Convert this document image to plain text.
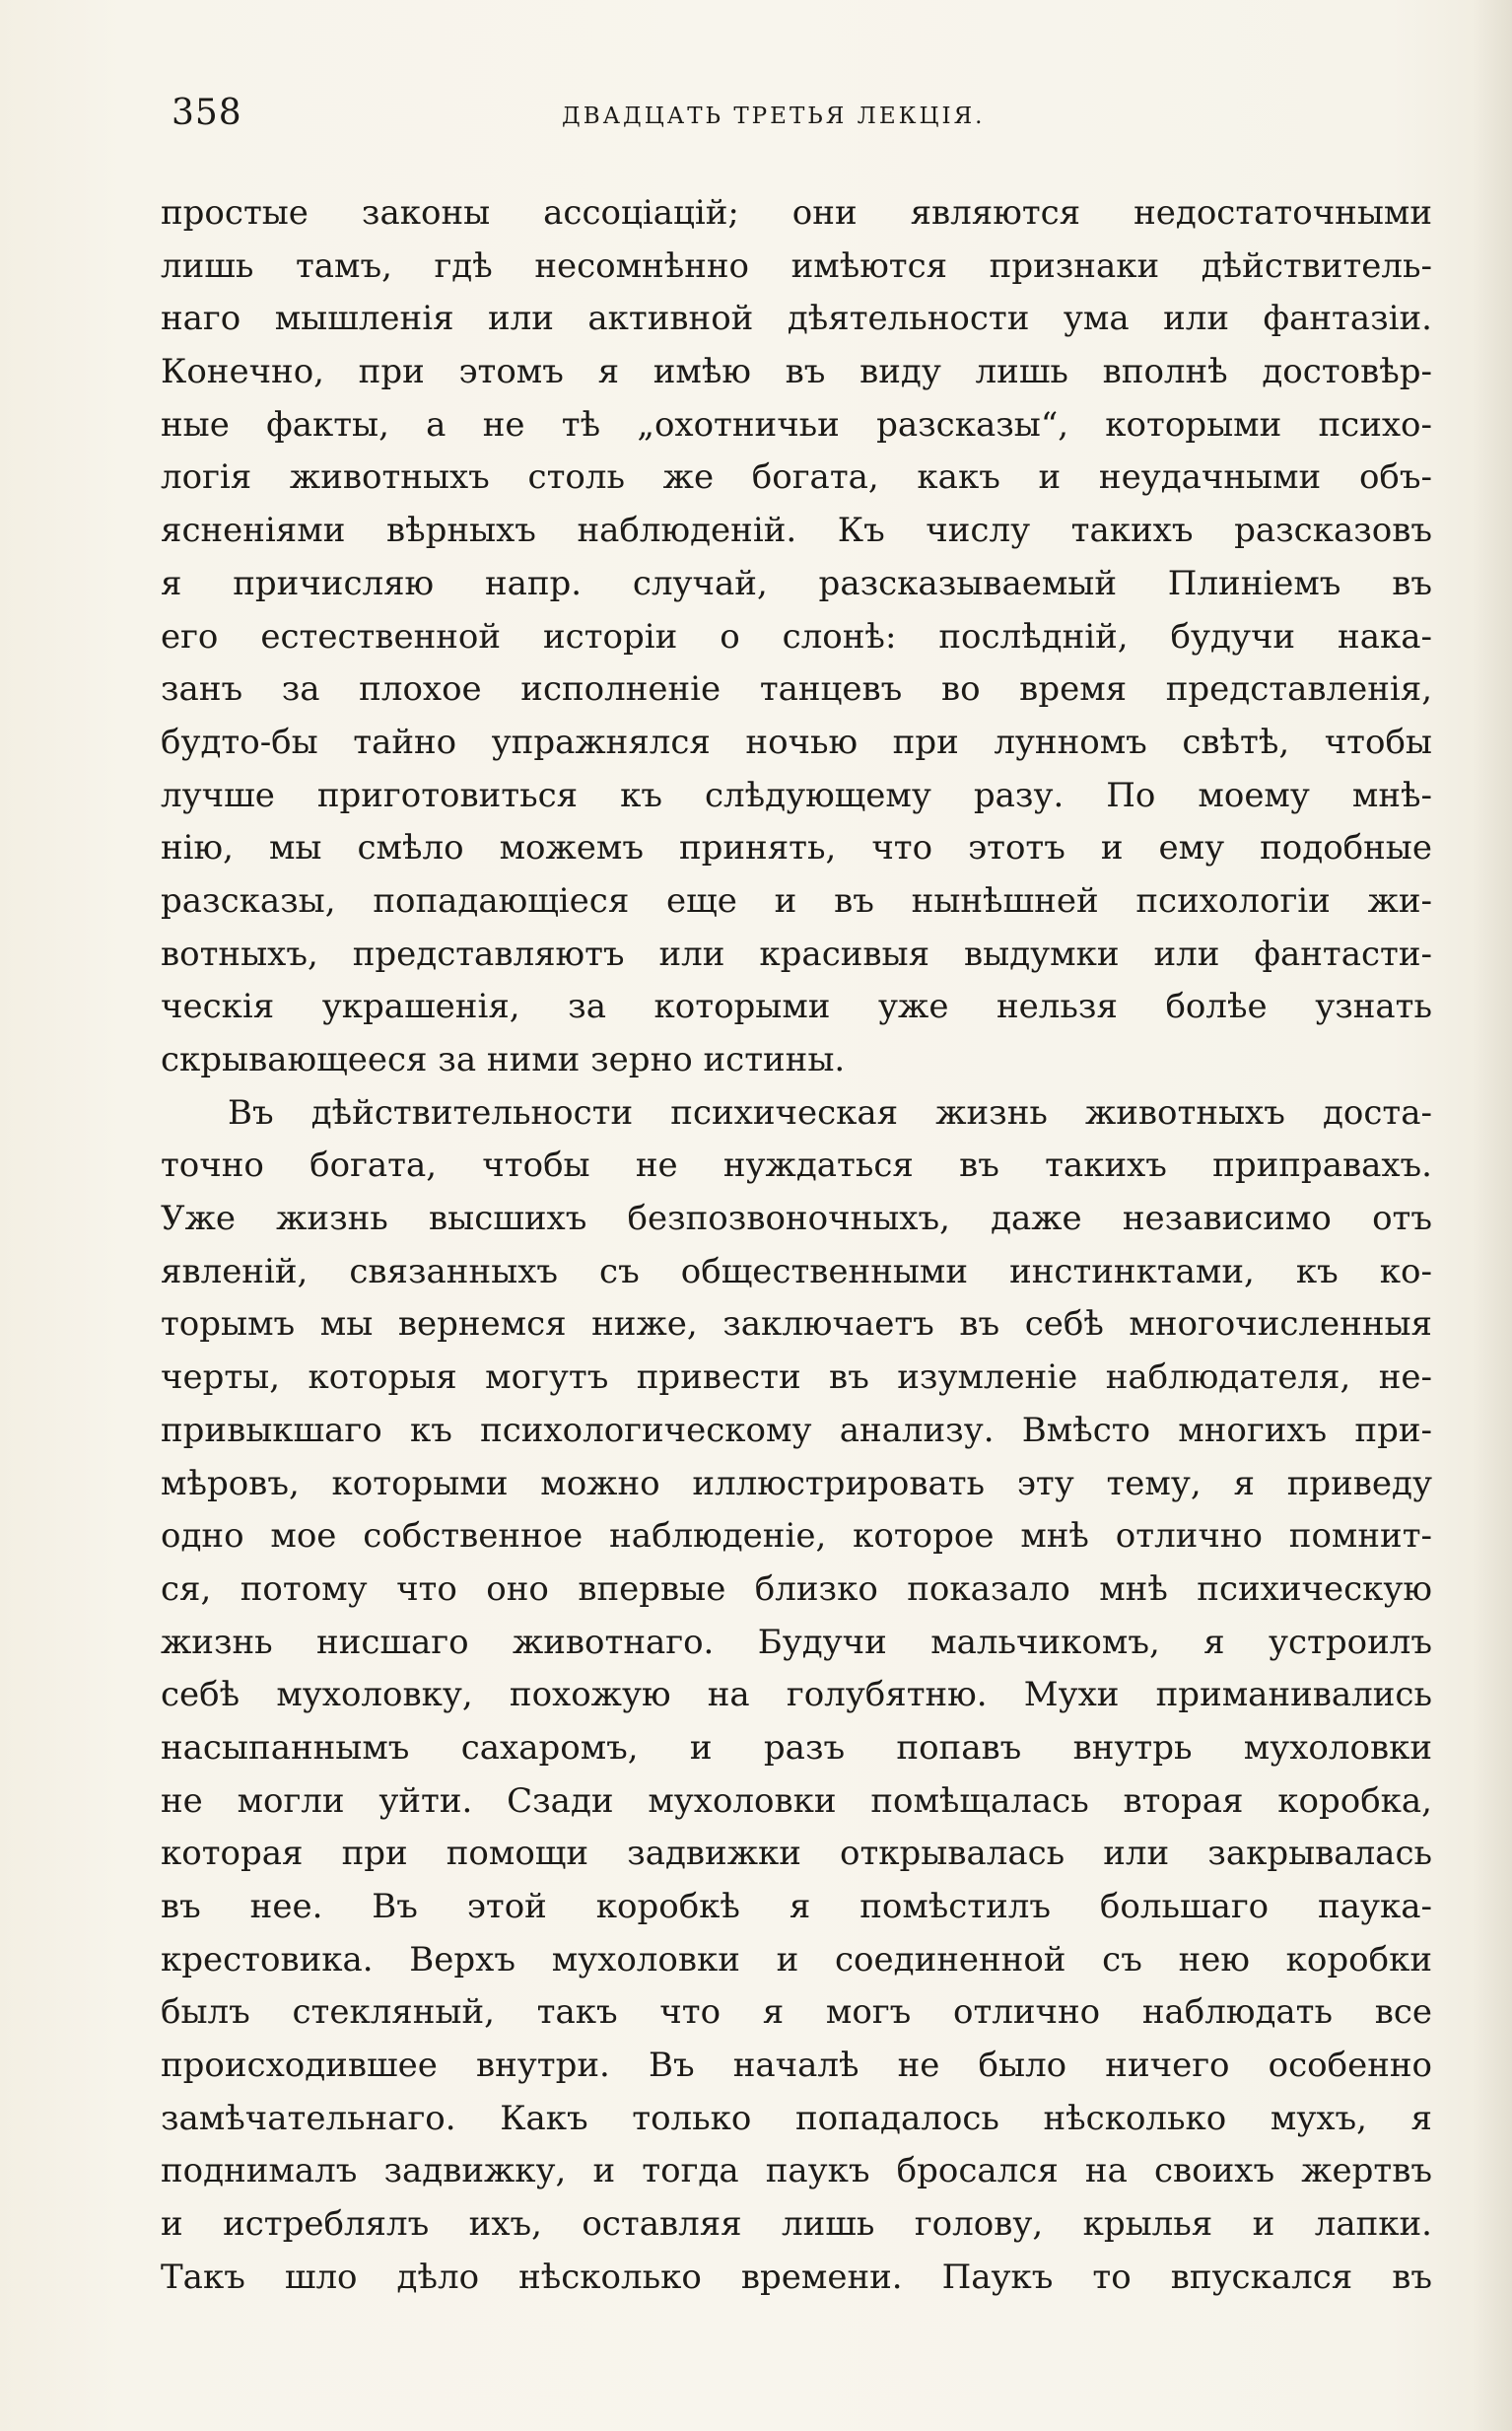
358	ДВАДЦАТЬ ТРЕТЬЯ ЛЕКЦІЯ.
простые законы ассоціацій; они являются недостаточными
лишь тамъ, гдѣ несомнѣнно имѣются признаки дѣйствитель-
наго мышленія или активной дѣятельности ума или фантазіи.
Конечно, при этомъ я имѣю въ виду лишь вполнѣ достовѣр-
ные факты, а не тѣ „охотничьи разсказы“, которыми психо-
логія животныхъ столь же богата, какъ и неудачными объ-
ясненіями вѣрныхъ наблюденій. Къ числу такихъ разсказовъ
я причисляю напр. случай, разсказываемый Плиніемъ въ
его естественной исторіи о слонѣ: послѣдній, будучи нака-
занъ за плохое исполненіе танцевъ во время представленія,
будто-бы тайно упражнялся ночью при лунномъ свѣтѣ, чтобы
лучше приготовиться къ слѣдующему разу. По моему мнѣ-
нію, мы смѣло можемъ принять, что этотъ и ему подобные
разсказы, попадающіеся еще и въ нынѣшней психологіи жи-
вотныхъ, представляютъ или красивыя выдумки или фантасти-
ческія украшенія, за которыми уже нельзя болѣе узнать
скрывающееся за ними зерно истины.
Въ дѣйствительности психическая жизнь животныхъ доста-
точно богата, чтобы не нуждаться въ такихъ приправахъ.
Уже жизнь высшихъ безпозвоночныхъ, даже независимо отъ
явленій, связанныхъ съ общественными инстинктами, къ ко-
торымъ мы вернемся ниже, заключаетъ въ себѣ многочисленныя
черты, которыя могутъ привести въ изумленіе наблюдателя, не-
привыкшаго къ психологическому анализу. Вмѣсто многихъ при-
мѣровъ, которыми можно иллюстрировать эту тему, я приведу
одно мое собственное наблюденіе, которое мнѣ отлично помнит-
ся, потому что оно впервые близко показало мнѣ психическую
жизнь нисшаго животнаго. Будучи мальчикомъ, я устроилъ
себѣ мухоловку, похожую на голубятню. Мухи приманивались
насыпаннымъ сахаромъ, и разъ попавъ внутрь мухоловки
не могли уйти. Сзади мухоловки помѣщалась вторая коробка,
которая при помощи задвижки открывалась или закрывалась
въ нее. Въ этой коробкѣ я помѣстилъ большаго паука-
крестовика. Верхъ мухоловки и соединенной съ нею коробки
былъ стекляный, такъ что я могъ отлично наблюдать все
происходившее внутри. Въ началѣ не было ничего особенно
замѣчательнаго. Какъ только попадалось нѣсколько мухъ, я
поднималъ задвижку, и тогда паукъ бросался на своихъ жертвъ
и истреблялъ ихъ, оставляя лишь голову, крылья и лапки.
Такъ шло дѣло нѣсколько времени. Паукъ то впускался въ
